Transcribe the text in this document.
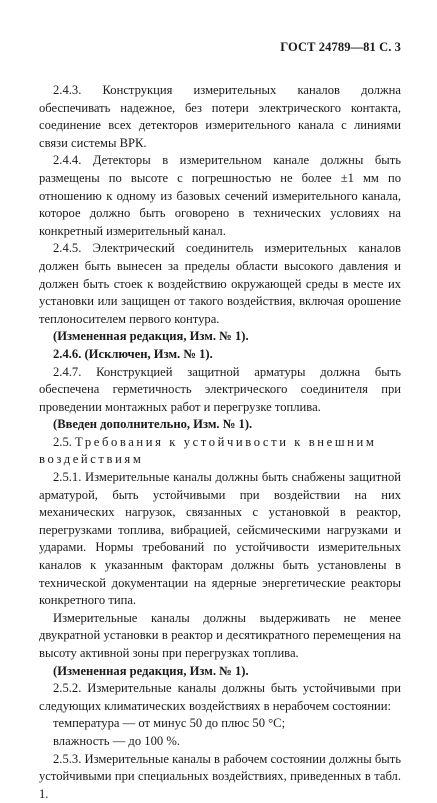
ГОСТ 24789—81 С. 3

2.4.3. Конструкция измерительных каналов должна обеспечивать надежное, без потери электрического контакта, соединение всех детекторов измерительного канала с линиями связи системы ВРК.

2.4.4. Детекторы в измерительном канале должны быть размещены по высоте с погрешностью не более ±1 мм по отношению к одному из базовых сечений измерительного канала, которое должно быть оговорено в технических условиях на конкретный измерительный канал.

2.4.5. Электрический соединитель измерительных каналов должен быть вынесен за пределы области высокого давления и должен быть стоек к воздействию окружающей среды в месте их установки или защищен от такого воздействия, включая орошение теплоносителем первого контура.

(Измененная редакция, Изм. № 1).

2.4.6. (Исключен, Изм. № 1).

2.4.7. Конструкцией защитной арматуры должна быть обеспечена герметичность электрического соединителя при проведении монтажных работ и перегрузке топлива.

(Введен дополнительно, Изм. № 1).

2.5. Требования к устойчивости к внешним воздействиям

2.5.1. Измерительные каналы должны быть снабжены защитной арматурой, быть устойчивыми при воздействии на них механических нагрузок, связанных с установкой в реактор, перегрузками топлива, вибрацией, сейсмическими нагрузками и ударами. Нормы требований по устойчивости измерительных каналов к указанным факторам должны быть установлены в технической документации на ядерные энергетические реакторы конкретного типа.

Измерительные каналы должны выдерживать не менее двукратной установки в реактор и десятикратного перемещения на высоту активной зоны при перегрузках топлива.

(Измененная редакция, Изм. № 1).

2.5.2. Измерительные каналы должны быть устойчивыми при следующих климатических воздействиях в нерабочем состоянии:

температура — от минус 50 до плюс 50 °С;

влажность — до 100 %.

2.5.3. Измерительные каналы в рабочем состоянии должны быть устойчивыми при специальных воздействиях, приведенных в табл. 1.
